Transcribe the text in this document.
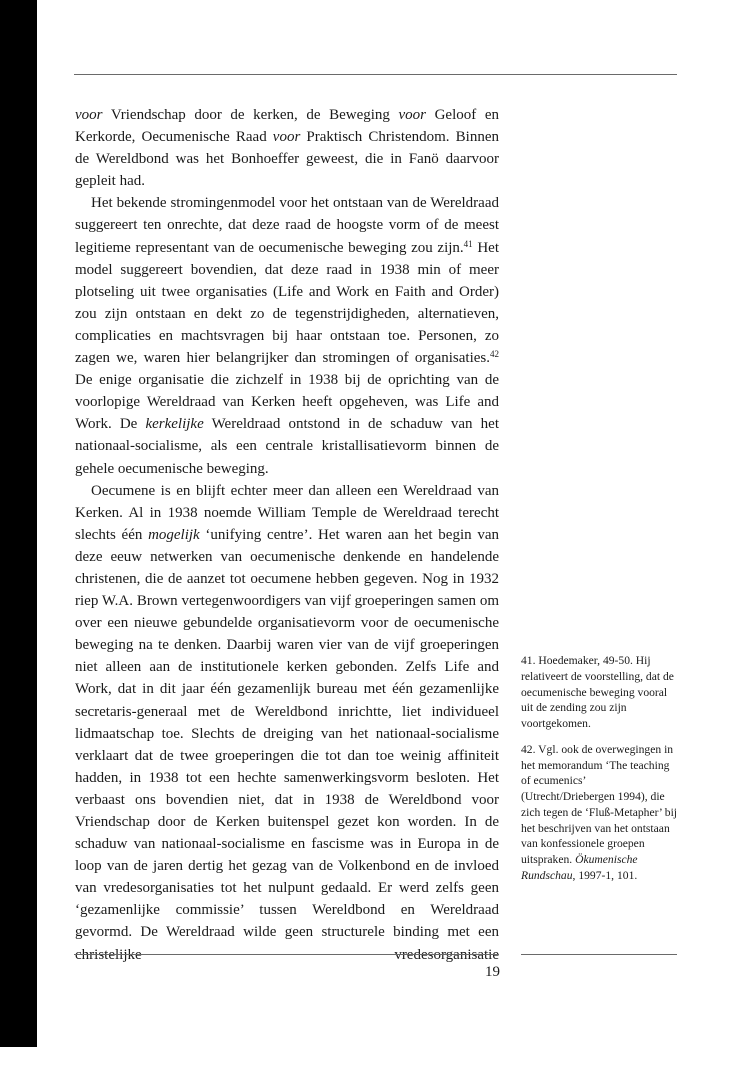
voor Vriendschap door de kerken, de Beweging voor Geloof en Kerkorde, Oecumenische Raad voor Praktisch Christendom. Binnen de Wereldbond was het Bonhoeffer geweest, die in Fanö daarvoor gepleit had.

Het bekende stromingenmodel voor het ontstaan van de Wereldraad suggereert ten onrechte, dat deze raad de hoogste vorm of de meest legitieme representant van de oecumenische beweging zou zijn.$^{41}$ Het model suggereert bovendien, dat deze raad in 1938 min of meer plotseling uit twee organisaties (Life and Work en Faith and Order) zou zijn ontstaan en dekt zo de tegenstrijdigheden, alternatieven, complicaties en machtsvragen bij haar ontstaan toe. Personen, zo zagen we, waren hier belangrijker dan stromingen of organisaties.$^{42}$ De enige organisatie die zichzelf in 1938 bij de oprichting van de voorlopige Wereldraad van Kerken heeft opgeheven, was Life and Work. De kerkelijke Wereldraad ontstond in de schaduw van het nationaal-socialisme, als een centrale kristallisatievorm binnen de gehele oecumenische beweging.

Oecumene is en blijft echter meer dan alleen een Wereldraad van Kerken. Al in 1938 noemde William Temple de Wereldraad terecht slechts één mogelijk ‘unifying centre’. Het waren aan het begin van deze eeuw netwerken van oecumenische denkende en handelende christenen, die de aanzet tot oecumene hebben gegeven. Nog in 1932 riep W.A. Brown vertegenwoordigers van vijf groeperingen samen om over een nieuwe gebundelde organisatievorm voor de oecumenische beweging na te denken. Daarbij waren vier van de vijf groeperingen niet alleen aan de institutionele kerken gebonden. Zelfs Life and Work, dat in dit jaar één gezamenlijk bureau met één gezamenlijke secretaris-generaal met de Wereldbond inrichtte, liet individueel lidmaatschap toe. Slechts de dreiging van het nationaal-socialisme verklaart dat de twee groeperingen die tot dan toe weinig affiniteit hadden, in 1938 tot een hechte samenwerkingsvorm besloten. Het verbaast ons bovendien niet, dat in 1938 de Wereldbond voor Vriendschap door de Kerken buitenspel gezet kon worden. In de schaduw van nationaal-socialisme en fascisme was in Europa in de loop van de jaren dertig het gezag van de Volkenbond en de invloed van vredesorganisaties tot het nulpunt gedaald. Er werd zelfs geen ‘gezamenlijke commissie’ tussen Wereldbond en Wereldraad gevormd. De Wereldraad wilde geen structurele binding met een christelijke vredesorganisatie

41. Hoedemaker, 49-50. Hij relativeert de voorstelling, dat de oecumenische beweging vooral uit de zending zou zijn voortgekomen.

42. Vgl. ook de overwegingen in het memorandum ‘The teaching of ecumenics’ (Utrecht/Driebergen 1994), die zich tegen de ‘Fluß-Metapher’ bij het beschrijven van het ontstaan van konfessionele groepen uitspraken. Ökumenische Rundschau, 1997-1, 101.

19
